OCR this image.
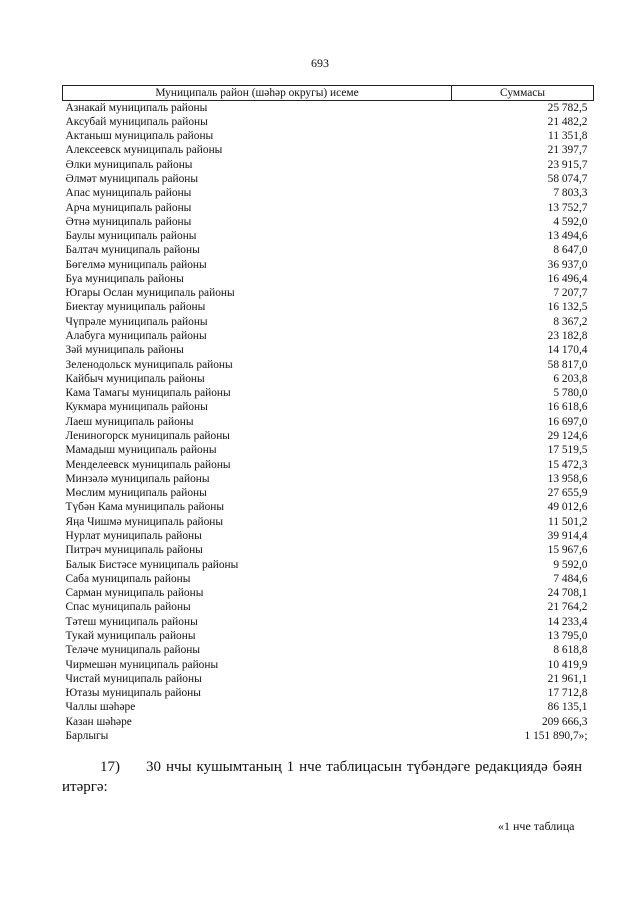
693
Муниципаль район (шәһәр округы) исеме	Суммасы
Азнакай муниципаль районы	25 782,5
Аксубай муниципаль районы	21 482,2
Актаныш муниципаль районы	11 351,8
Алексеевск муниципаль районы	21 397,7
Әлки муниципаль районы	23 915,7
Әлмәт муниципаль районы	58 074,7
Апас муниципаль районы	7 803,3
Арча муниципаль районы	13 752,7
Әтнә муниципаль районы	4 592,0
Баулы муниципаль районы	13 494,6
Балтач муниципаль районы	8 647,0
Бөгелмә муниципаль районы	36 937,0
Буа муниципаль районы	16 496,4
Югары Ослан муниципаль районы	7 207,7
Биектау муниципаль районы	16 132,5
Чүпрәле муниципаль районы	8 367,2
Алабуга муниципаль районы	23 182,8
Зәй муниципаль районы	14 170,4
Зеленодольск муниципаль районы	58 817,0
Кайбыч муниципаль районы	6 203,8
Кама Тамагы муниципаль районы	5 780,0
Кукмара муниципаль районы	16 618,6
Лаеш муниципаль районы	16 697,0
Лениногорск муниципаль районы	29 124,6
Мамадыш муниципаль районы	17 519,5
Менделеевск муниципаль районы	15 472,3
Минзәлә муниципаль районы	13 958,6
Мөслим муниципаль районы	27 655,9
Түбән Кама муниципаль районы	49 012,6
Яңа Чишмә муниципаль районы	11 501,2
Нурлат муниципаль районы	39 914,4
Питрәч муниципаль районы	15 967,6
Балык Бистәсе муниципаль районы	9 592,0
Саба муниципаль районы	7 484,6
Сарман муниципаль районы	24 708,1
Спас муниципаль районы	21 764,2
Тәтеш муниципаль районы	14 233,4
Тукай муниципаль районы	13 795,0
Теләче муниципаль районы	8 618,8
Чирмешән муниципаль районы	10 419,9
Чистай муниципаль районы	21 961,1
Ютазы муниципаль районы	17 712,8
Чаллы шәһәре	86 135,1
Казан шәһәре	209 666,3
Барлыгы	1 151 890,7»;
17) 30 нчы кушымтаның 1 нче таблицасын түбәндәге редакциядә бәян
итәргә:
«1 нче таблица
